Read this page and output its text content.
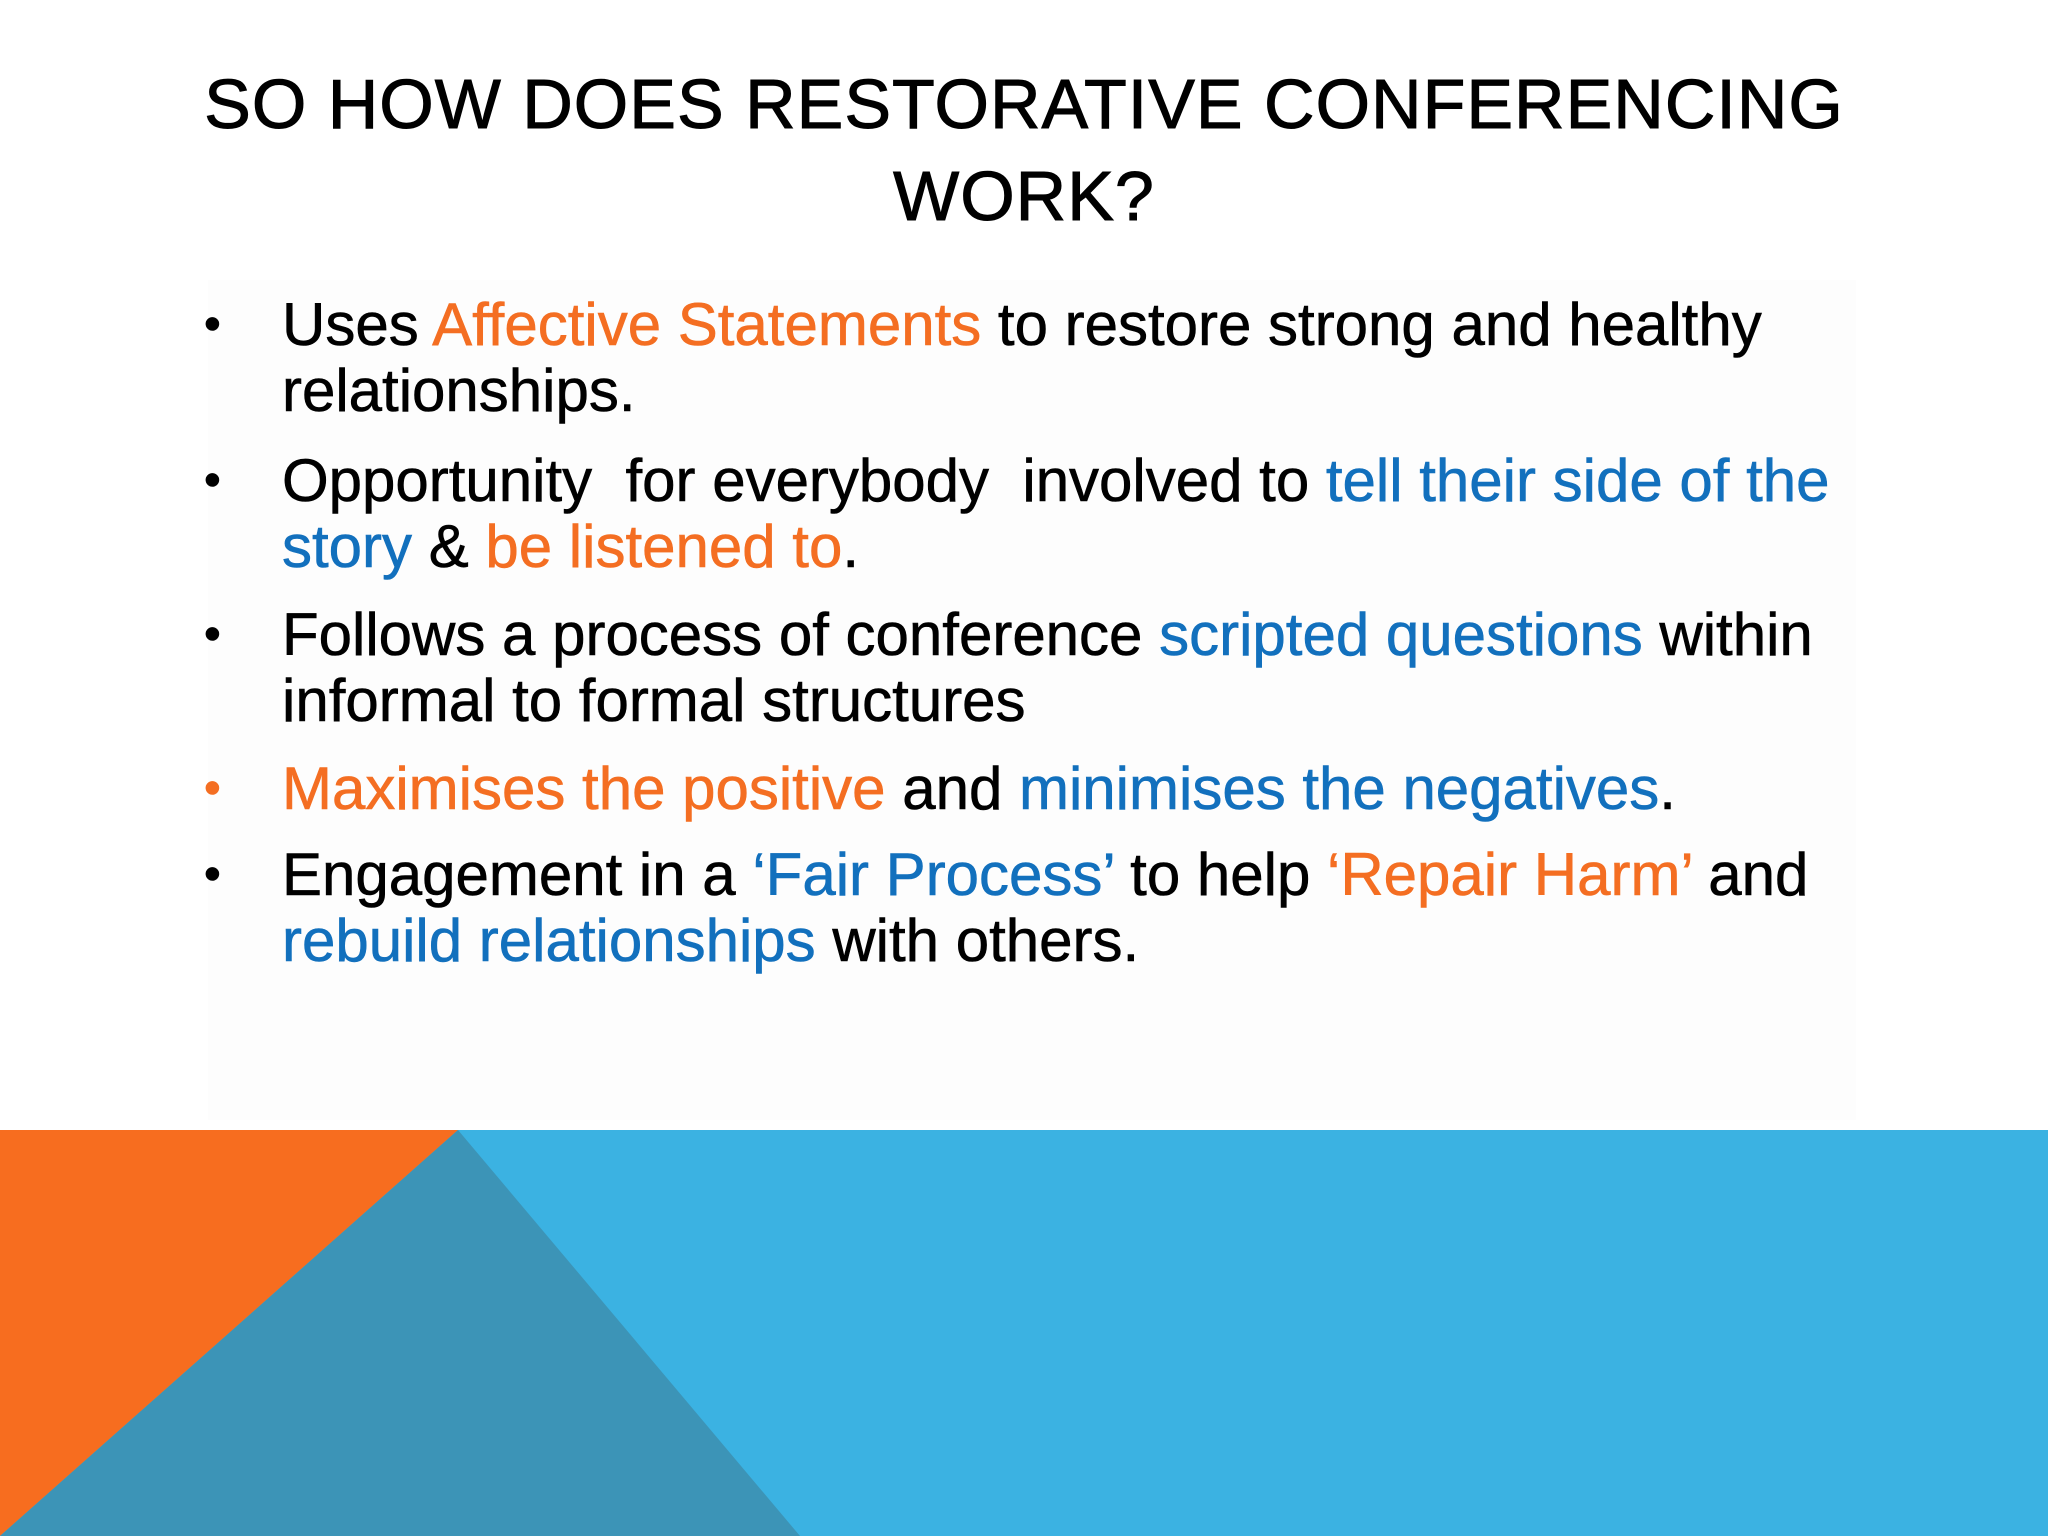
SO HOW DOES RESTORATIVE CONFERENCING WORK?
• Uses Affective Statements to restore strong and healthy relationships.
• Opportunity  for everybody  involved to tell their side of the story & be listened to.
• Follows a process of conference scripted questions within informal to formal structures
• Maximises the positive and minimises the negatives.
• Engagement in a ‘Fair Process’ to help ‘Repair Harm’ and rebuild relationships with others.
